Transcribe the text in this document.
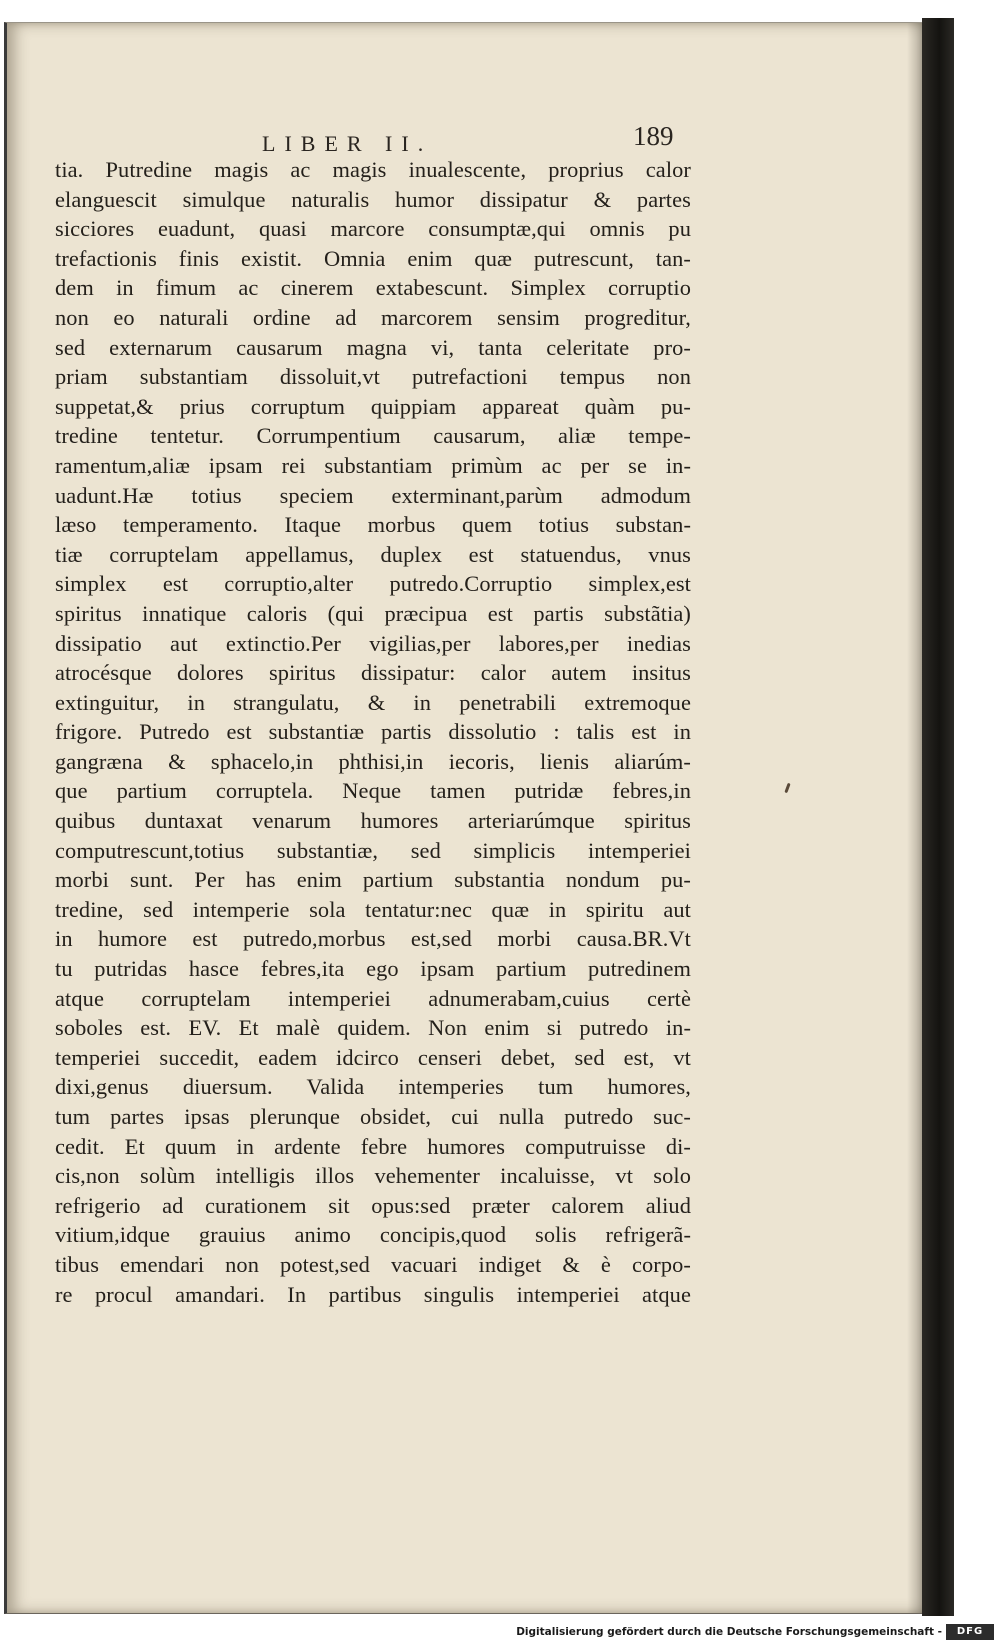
LIBER II.	189
tia. Putredine magis ac magis inualescente, proprius calor
elanguescit simulque naturalis humor dissipatur & partes
sicciores euadunt, quasi marcore consumptæ,qui omnis pu
trefactionis finis existit. Omnia enim quæ putrescunt, tan-
dem in fimum ac cinerem extabescunt. Simplex corruptio
non eo naturali ordine ad marcorem sensim progreditur,
sed externarum causarum magna vi, tanta celeritate pro-
priam substantiam dissoluit,vt putrefactioni tempus non
suppetat,& prius corruptum quippiam appareat quàm pu-
tredine tentetur. Corrumpentium causarum, aliæ tempe-
ramentum,aliæ ipsam rei substantiam primùm ac per se in-
uadunt.Hæ totius speciem exterminant,parùm admodum
læso temperamento. Itaque morbus quem totius substan-
tiæ corruptelam appellamus, duplex est statuendus, vnus
simplex est corruptio,alter putredo.Corruptio simplex,est
spiritus innatique caloris (qui præcipua est partis substãtia)
dissipatio aut extinctio.Per vigilias,per labores,per inedias
atrocésque dolores spiritus dissipatur: calor autem insitus
extinguitur, in strangulatu, & in penetrabili extremoque
frigore. Putredo est substantiæ partis dissolutio : talis est in
gangræna & sphacelo,in phthisi,in iecoris, lienis aliarúm-
que partium corruptela. Neque tamen putridæ febres,in
quibus duntaxat venarum humores arteriarúmque spiritus
computrescunt,totius substantiæ, sed simplicis intemperiei
morbi sunt. Per has enim partium substantia nondum pu-
tredine, sed intemperie sola tentatur:nec quæ in spiritu aut
in humore est putredo,morbus est,sed morbi causa.BR.Vt
tu putridas hasce febres,ita ego ipsam partium putredinem
atque corruptelam intemperiei adnumerabam,cuius certè
soboles est. EV. Et malè quidem. Non enim si putredo in-
temperiei succedit, eadem idcirco censeri debet, sed est, vt
dixi,genus diuersum. Valida intemperies tum humores,
tum partes ipsas plerunque obsidet, cui nulla putredo suc-
cedit. Et quum in ardente febre humores computruisse di-
cis,non solùm intelligis illos vehementer incaluisse, vt solo
refrigerio ad curationem sit opus:sed præter calorem aliud
vitium,idque grauius animo concipis,quod solis refrigerã-
tibus emendari non potest,sed vacuari indiget & è corpo-
re procul amandari. In partibus singulis intemperiei atque
Digitalisierung gefördert durch die Deutsche Forschungsgemeinschaft -	DFG
